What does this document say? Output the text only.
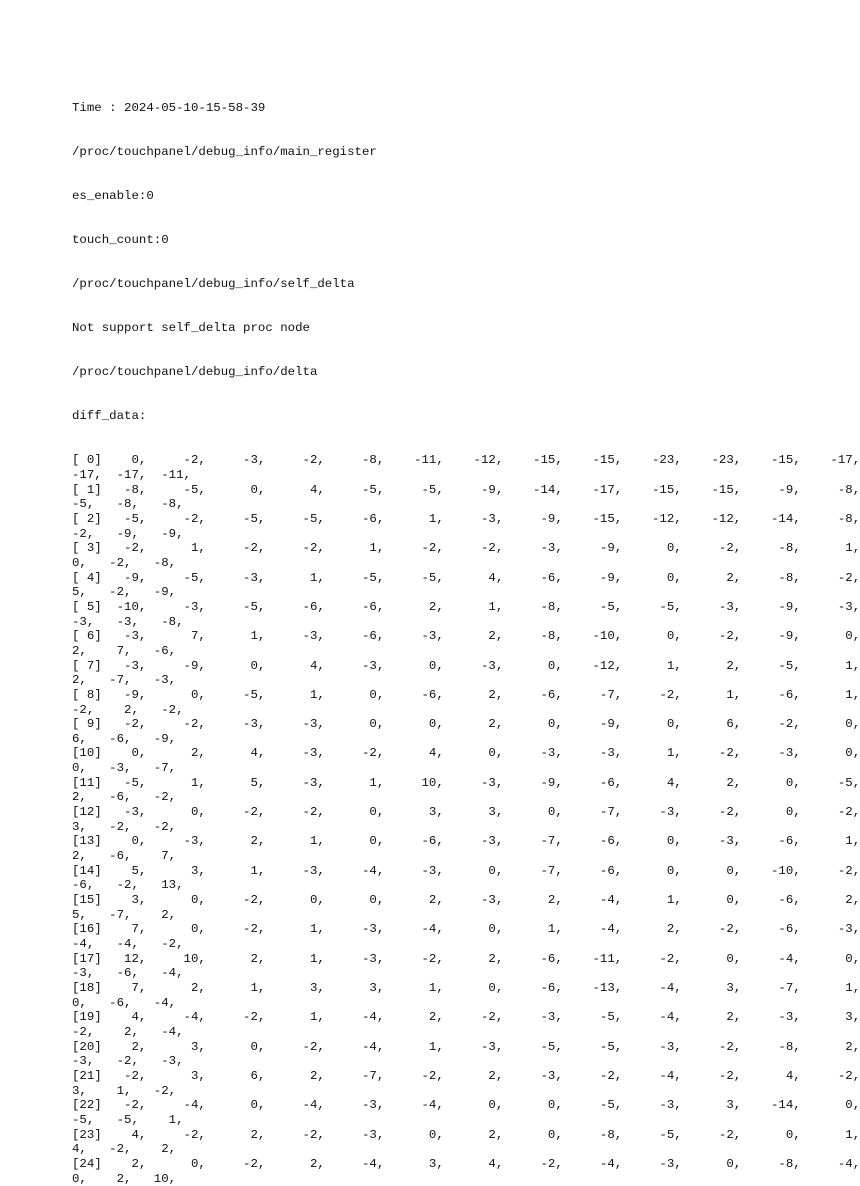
Time : 2024-05-10-15-58-39

/proc/touchpanel/debug_info/main_register

es_enable:0

touch_count:0

/proc/touchpanel/debug_info/self_delta

Not support self_delta proc node

/proc/touchpanel/debug_info/delta

diff_data:

[ 0]    0,     -2,     -3,     -2,     -8,    -11,    -12,    -15,    -15,    -23,    -23,    -15,    -17,
-17,  -17,  -11,
[ 1]   -8,     -5,      0,      4,     -5,     -5,     -9,    -14,    -17,    -15,    -15,     -9,     -8,
-5,   -8,   -8,
[ 2]   -5,     -2,     -5,     -5,     -6,      1,     -3,     -9,    -15,    -12,    -12,    -14,     -8,
-2,   -9,   -9,
[ 3]   -2,      1,     -2,     -2,      1,     -2,     -2,     -3,     -9,      0,     -2,     -8,      1,
0,   -2,   -8,
[ 4]   -9,     -5,     -3,      1,     -5,     -5,      4,     -6,     -9,      0,      2,     -8,     -2,
5,   -2,   -9,
[ 5]  -10,     -3,     -5,     -6,     -6,      2,      1,     -8,     -5,     -5,     -3,     -9,     -3,
-3,   -3,   -8,
[ 6]   -3,      7,      1,     -3,     -6,     -3,      2,     -8,    -10,      0,     -2,     -9,      0,
2,    7,   -6,
[ 7]   -3,     -9,      0,      4,     -3,      0,     -3,      0,    -12,      1,      2,     -5,      1,
2,   -7,   -3,
[ 8]   -9,      0,     -5,      1,      0,     -6,      2,     -6,     -7,     -2,      1,     -6,      1,
-2,    2,   -2,
[ 9]   -2,     -2,     -3,     -3,      0,      0,      2,      0,     -9,      0,      6,     -2,      0,
6,   -6,   -9,
[10]    0,      2,      4,     -3,     -2,      4,      0,     -3,     -3,      1,     -2,     -3,      0,
0,   -3,   -7,
[11]   -5,      1,      5,     -3,      1,     10,     -3,     -9,     -6,      4,      2,      0,     -5,
2,   -6,   -2,
[12]   -3,      0,     -2,     -2,      0,      3,      3,      0,     -7,     -3,     -2,      0,     -2,
3,   -2,   -2,
[13]    0,     -3,      2,      1,      0,     -6,     -3,     -7,     -6,      0,     -3,     -6,      1,
2,   -6,    7,
[14]    5,      3,      1,     -3,     -4,     -3,      0,     -7,     -6,      0,      0,    -10,     -2,
-6,   -2,   13,
[15]    3,      0,     -2,      0,      0,      2,     -3,      2,     -4,      1,      0,     -6,      2,
5,   -7,    2,
[16]    7,      0,     -2,      1,     -3,     -4,      0,      1,     -4,      2,     -2,     -6,     -3,
-4,   -4,   -2,
[17]   12,     10,      2,      1,     -3,     -2,      2,     -6,    -11,     -2,      0,     -4,      0,
-3,   -6,   -4,
[18]    7,      2,      1,      3,      3,      1,      0,     -6,    -13,     -4,      3,     -7,      1,
0,   -6,   -4,
[19]    4,     -4,     -2,      1,     -4,      2,     -2,     -3,     -5,     -4,      2,     -3,      3,
-2,    2,   -4,
[20]    2,      3,      0,     -2,     -4,      1,     -3,     -5,     -5,     -3,     -2,     -8,      2,
-3,   -2,   -3,
[21]   -2,      3,      6,      2,     -7,     -2,      2,     -3,     -2,     -4,     -2,      4,     -2,
3,    1,   -2,
[22]   -2,     -4,      0,     -4,     -3,     -4,      0,      0,     -5,     -3,      3,    -14,      0,
-5,   -5,    1,
[23]    4,     -2,      2,     -2,     -3,      0,      2,      0,     -8,     -5,     -2,      0,      1,
4,   -2,    2,
[24]    2,      0,     -2,      2,     -4,      3,      4,     -2,     -4,     -3,      0,     -8,     -4,
0,    2,   10,
